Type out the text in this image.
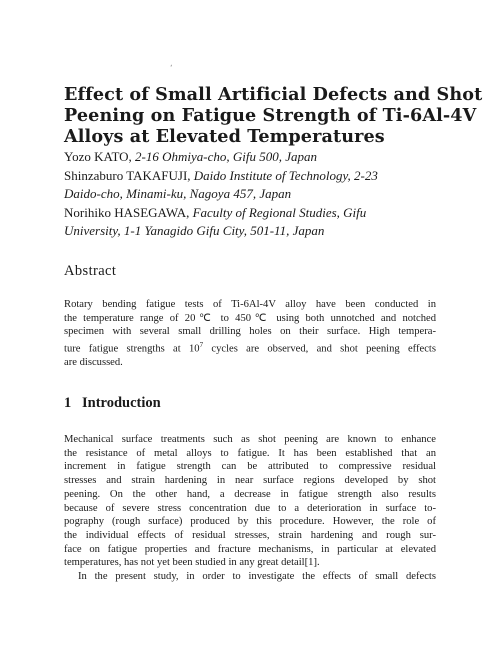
‘
Effect of Small Artificial Defects and Shot
Peening on Fatigue Strength of Ti-6Al-4V
Alloys at Elevated Temperatures
Yozo KATO, 2-16 Ohmiya-cho, Gifu 500, Japan
Shinzaburo TAKAFUJI, Daido Institute of Technology, 2-23
Daido-cho, Minami-ku, Nagoya 457, Japan
Norihiko HASEGAWA, Faculty of Regional Studies, Gifu
University, 1-1 Yanagido Gifu City, 501-11, Japan
Abstract
Rotary bending fatigue tests of Ti-6Al-4V alloy have been conducted in
the temperature range of 20℃ to 450℃ using both unnotched and notched
specimen with several small drilling holes on their surface. High tempera-
ture fatigue strengths at $10^7$ cycles are observed, and shot peening effects
are discussed.
1 Introduction
Mechanical surface treatments such as shot peening are known to enhance
the resistance of metal alloys to fatigue. It has been established that an
increment in fatigue strength can be attributed to compressive residual
stresses and strain hardening in near surface regions developed by shot
peening. On the other hand, a decrease in fatigue strength also results
because of severe stress concentration due to a deterioration in surface to-
pography (rough surface) produced by this procedure. However, the role of
the individual effects of residual stresses, strain hardening and rough sur-
face on fatigue properties and fracture mechanisms, in particular at elevated
temperatures, has not yet been studied in any great detail[1].
In the present study, in order to investigate the effects of small defects
